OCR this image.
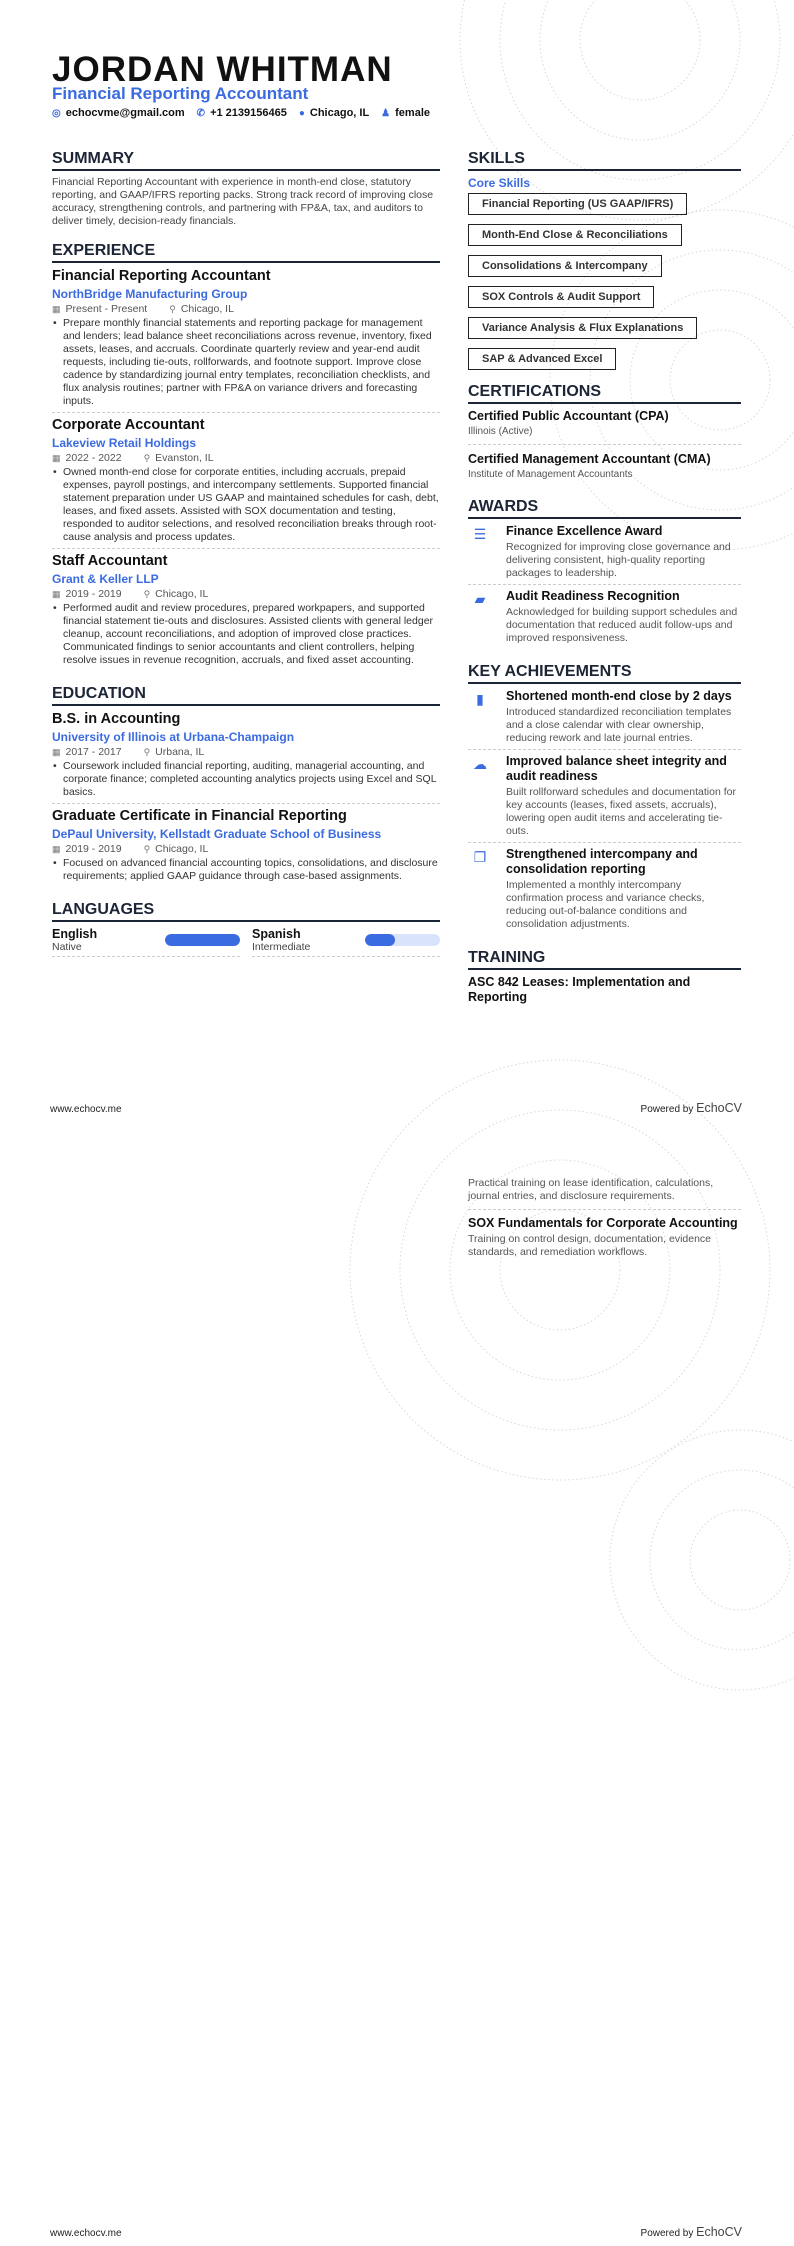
JORDAN WHITMAN
Financial Reporting Accountant
◎ echocvme@gmail.com ✆ +1 2139156465 ● Chicago, IL ♟ female
SUMMARY

Financial Reporting Accountant with experience in month-end close, statutory reporting, and GAAP/IFRS reporting packs. Strong track record of improving close accuracy, strengthening controls, and partnering with FP&A, tax, and auditors to deliver timely, decision-ready financials.

EXPERIENCE
Financial Reporting Accountant
NorthBridge Manufacturing Group
▦ Present - Present ⚲ Chicago, IL
• Prepare monthly financial statements and reporting package for management and lenders; lead balance sheet reconciliations across revenue, inventory, fixed assets, leases, and accruals. Coordinate quarterly review and year-end audit requests, including tie-outs, rollforwards, and footnote support. Improve close cadence by standardizing journal entry templates, reconciliation checklists, and flux analysis routines; partner with FP&A on variance drivers and forecasting inputs.
Corporate Accountant
Lakeview Retail Holdings
▦ 2022 - 2022 ⚲ Evanston, IL
• Owned month-end close for corporate entities, including accruals, prepaid expenses, payroll postings, and intercompany settlements. Supported financial statement preparation under US GAAP and maintained schedules for cash, debt, leases, and fixed assets. Assisted with SOX documentation and testing, responded to auditor selections, and resolved reconciliation breaks through root-cause analysis and process updates.
Staff Accountant
Grant & Keller LLP
▦ 2019 - 2019 ⚲ Chicago, IL
• Performed audit and review procedures, prepared workpapers, and supported financial statement tie-outs and disclosures. Assisted clients with general ledger cleanup, account reconciliations, and adoption of improved close practices. Communicated findings to senior accountants and client controllers, helping resolve issues in revenue recognition, accruals, and fixed asset accounting.
EDUCATION
B.S. in Accounting
University of Illinois at Urbana-Champaign
▦ 2017 - 2017 ⚲ Urbana, IL
• Coursework included financial reporting, auditing, managerial accounting, and corporate finance; completed accounting analytics projects using Excel and SQL basics.
Graduate Certificate in Financial Reporting
DePaul University, Kellstadt Graduate School of Business
▦ 2019 - 2019 ⚲ Chicago, IL
• Focused on advanced financial accounting topics, consolidations, and disclosure requirements; applied GAAP guidance through case-based assignments.
LANGUAGES
English
Native
Spanish
Intermediate
SKILLS
Core Skills
Financial Reporting (US GAAP/IFRS)
Month-End Close & Reconciliations
Consolidations & Intercompany
SOX Controls & Audit Support
Variance Analysis & Flux Explanations
SAP & Advanced Excel
CERTIFICATIONS
Certified Public Accountant (CPA)
Illinois (Active)
Certified Management Accountant (CMA)
Institute of Management Accountants
AWARDS
☰	Finance Excellence Award
Recognized for improving close governance and delivering consistent, high-quality reporting packages to leadership.
▰	Audit Readiness Recognition
Acknowledged for building support schedules and documentation that reduced audit follow-ups and improved responsiveness.
KEY ACHIEVEMENTS
▮	Shortened month-end close by 2 days
Introduced standardized reconciliation templates and a close calendar with clear ownership, reducing rework and late journal entries.
☁	Improved balance sheet integrity and audit readiness
Built rollforward schedules and documentation for key accounts (leases, fixed assets, accruals), lowering open audit items and accelerating tie-outs.
❐	Strengthened intercompany and consolidation reporting
Implemented a monthly intercompany confirmation process and variance checks, reducing out-of-balance conditions and consolidation adjustments.
TRAINING
ASC 842 Leases: Implementation and Reporting
www.echocv.me	Powered by EchoCV
Practical training on lease identification, calculations, journal entries, and disclosure requirements.
SOX Fundamentals for Corporate Accounting
Training on control design, documentation, evidence standards, and remediation workflows.
www.echocv.me	Powered by EchoCV
